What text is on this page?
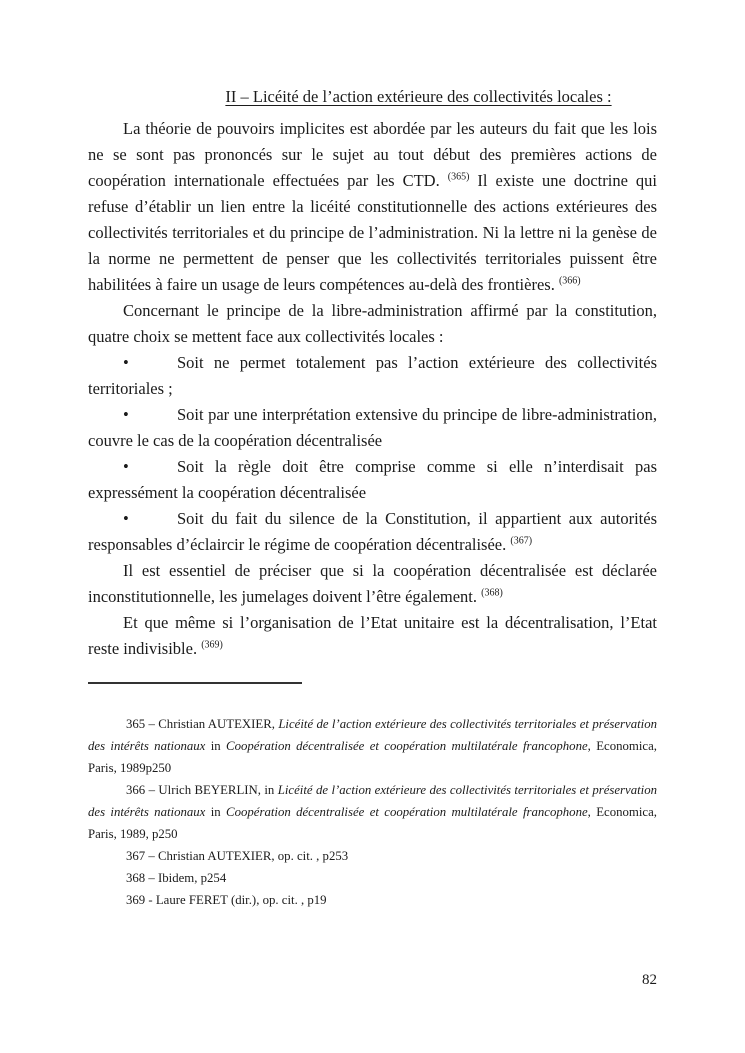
II – Licéité de l’action extérieure des collectivités locales :

La théorie de pouvoirs implicites est abordée par les auteurs du fait que les lois ne se sont pas prononcés sur le sujet au tout début des premières actions de coopération internationale effectuées par les CTD. $^{(365)}$ Il existe une doctrine qui refuse d’établir un lien entre la licéité constitutionnelle des actions extérieures des collectivités territoriales et du principe de l’administration. Ni la lettre ni la genèse de la norme ne permettent de penser que les collectivités territoriales puissent être habilitées à faire un usage de leurs compétences au-delà des frontières. $^{(366)}$

Concernant le principe de la libre-administration affirmé par la constitution, quatre choix se mettent face aux collectivités locales :

•	Soit ne permet totalement pas l’action extérieure des collectivités territoriales ;

•	Soit par une interprétation extensive du principe de libre-administration, couvre le cas de la coopération décentralisée

•	Soit la règle doit être comprise comme si elle n’interdisait pas expressément la coopération décentralisée

•	Soit du fait du silence de la Constitution, il appartient aux autorités responsables d’éclaircir le régime de coopération décentralisée. $^{(367)}$

Il est essentiel de préciser que si la coopération décentralisée est déclarée inconstitutionnelle, les jumelages doivent l’être également. $^{(368)}$

Et que même si l’organisation de l’Etat unitaire est la décentralisation, l’Etat reste indivisible. $^{(369)}$

365 – Christian AUTEXIER, Licéité de l’action extérieure des collectivités territoriales et préservation des intérêts nationaux in Coopération décentralisée et coopération multilatérale francophone, Economica, Paris, 1989p250

366 – Ulrich BEYERLIN, in Licéité de l’action extérieure des collectivités territoriales et préservation des intérêts nationaux in Coopération décentralisée et coopération multilatérale francophone, Economica, Paris, 1989, p250

367 – Christian AUTEXIER, op. cit. , p253

368 – Ibidem, p254

369 - Laure FERET (dir.), op. cit. , p19

82
